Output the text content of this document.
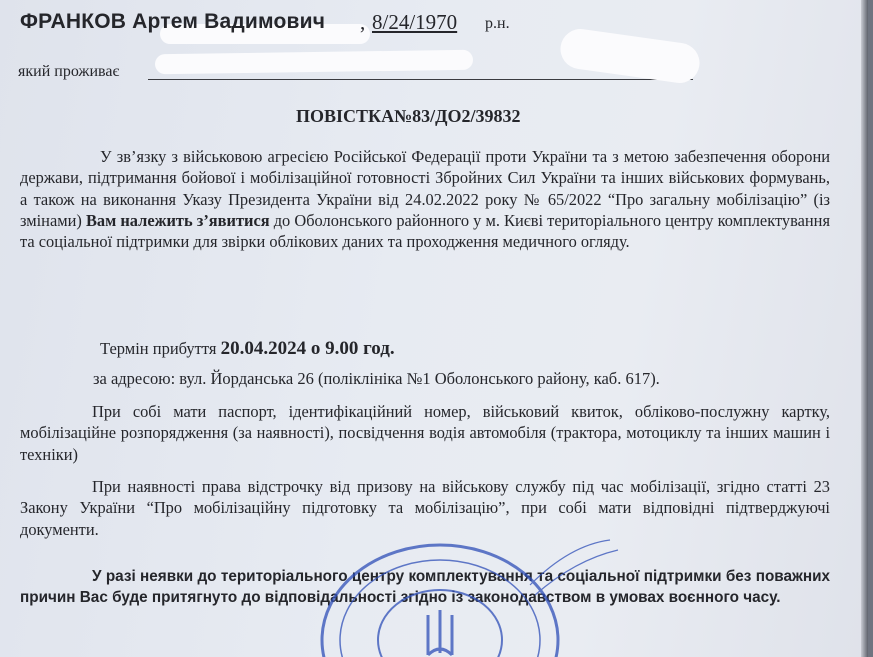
ФРАНКОВ Артем Вадимович , 8/24/1970 р.н.
який проживає
ПОВІСТКА№83/ДО2/39832
У зв’язку з військовою агресією Російської Федерації проти України та з метою забезпечення оборони держави, підтримання бойової і мобілізаційної готовності Збройних Сил України та інших військових формувань, а також на виконання Указу Президента України від 24.02.2022 року № 65/2022 “Про загальну мобілізацію” (із змінами) Вам належить з’явитися до Оболонського районного у м. Києві територіального центру комплектування та соціальної підтримки для звірки облікових даних та проходження медичного огляду.
Термін прибуття 20.04.2024 о 9.00 год.
за адресою: вул. Йорданська 26 (поліклініка №1 Оболонського району, каб. 617).
При собі мати паспорт, ідентифікаційний номер, військовий квиток, обліково-послужну картку, мобілізаційне розпорядження (за наявності), посвідчення водія автомобіля (трактора, мотоциклу та інших машин і техніки)
При наявності права відстрочку від призову на військову службу під час мобілізації, згідно статті 23 Закону України “Про мобілізаційну підготовку та мобілізацію”, при собі мати відповідні підтверджуючі документи.
У разі неявки до територіального центру комплектування та соціальної підтримки без поважних причин Вас буде притягнуто до відповідальності згідно із законодавством в умовах воєнного часу.
